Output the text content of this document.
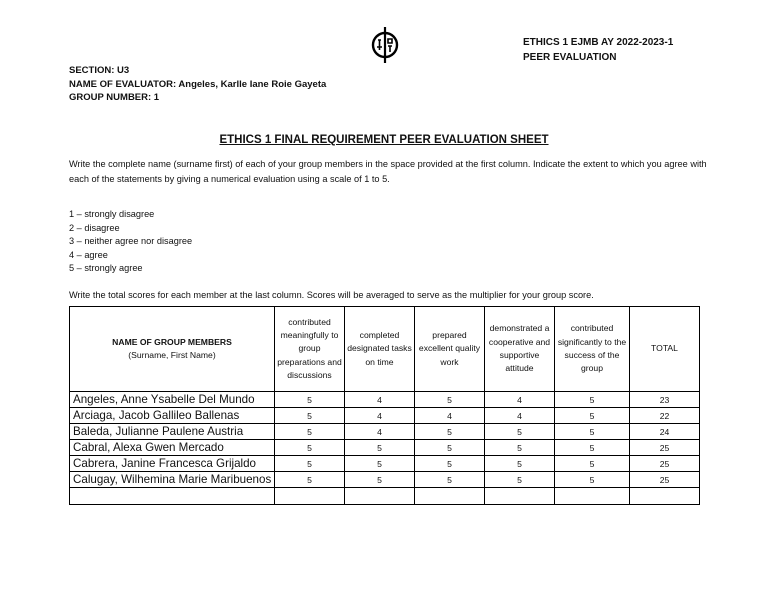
ETHICS 1 EJMB AY 2022-2023-1
PEER EVALUATION
SECTION: U3
NAME OF EVALUATOR: Angeles, Karlle Iane Roie Gayeta
GROUP NUMBER: 1
ETHICS 1 FINAL REQUIREMENT PEER EVALUATION SHEET
Write the complete name (surname first) of each of your group members in the space provided at the first column. Indicate the extent to which you agree with each of the statements by giving a numerical evaluation using a scale of 1 to 5.
1 – strongly disagree
2 – disagree
3 – neither agree nor disagree
4 – agree
5 – strongly agree
Write the total scores for each member at the last column. Scores will be averaged to serve as the multiplier for your group score.
NAME OF GROUP MEMBERS
(Surname, First Name)	contributed meaningfully to group preparations and discussions	completed designated tasks on time	prepared excellent quality work	demonstrated a cooperative and supportive attitude	contributed significantly to the success of the group	TOTAL
Angeles, Anne Ysabelle Del Mundo	5	4	5	4	5	23
Arciaga, Jacob Gallileo Ballenas	5	4	4	4	5	22
Baleda, Julianne Paulene Austria	5	4	5	5	5	24
Cabral, Alexa Gwen Mercado	5	5	5	5	5	25
Cabrera, Janine Francesca Grijaldo	5	5	5	5	5	25
Calugay, Wilhemina Marie Maribuenos	5	5	5	5	5	25
